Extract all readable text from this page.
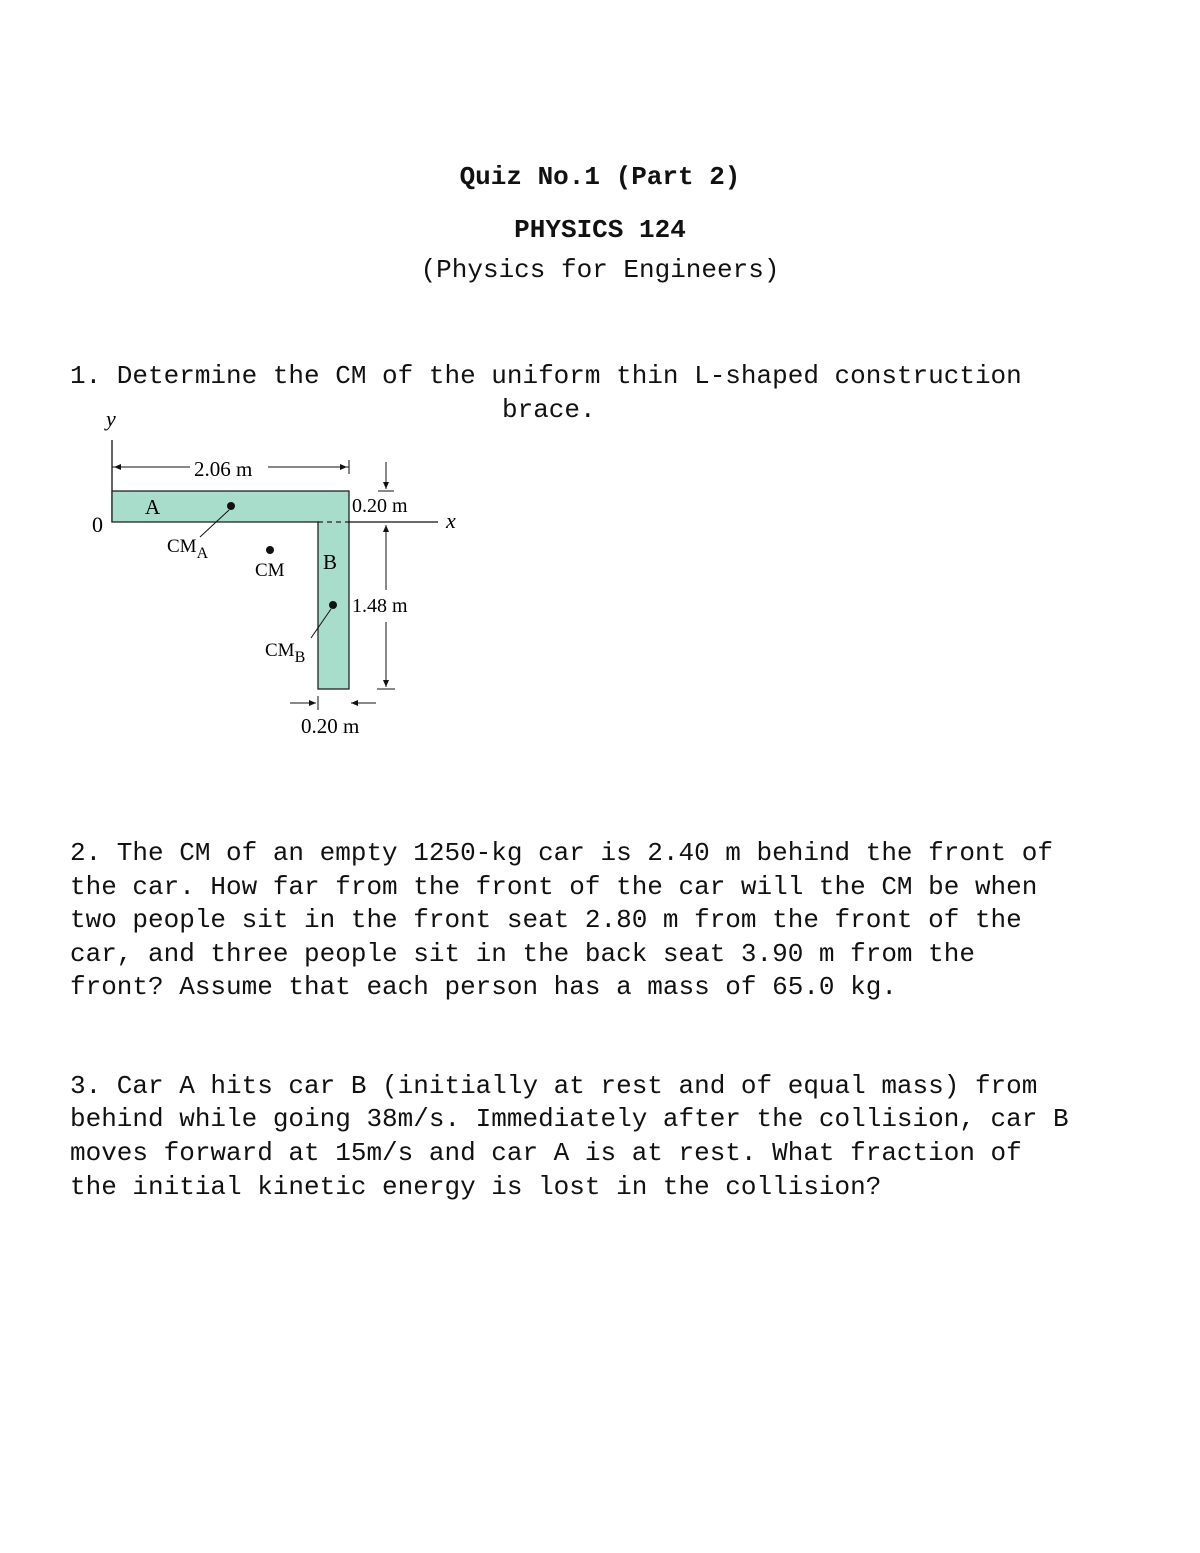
Quiz No.1 (Part 2)
PHYSICS 124
(Physics for Engineers)
1. Determine the CM of the uniform thin L-shaped construction
brace.
y
0	x
A
B
$CM_A$
CM
$CM_B$
2.06 m
0.20 m
1.48 m
0.20 m
2. The CM of an empty 1250-kg car is 2.40 m behind the front of
the car. How far from the front of the car will the CM be when
two people sit in the front seat 2.80 m from the front of the
car, and three people sit in the back seat 3.90 m from the
front? Assume that each person has a mass of 65.0 kg.
3. Car A hits car B (initially at rest and of equal mass) from
behind while going 38m/s. Immediately after the collision, car B
moves forward at 15m/s and car A is at rest. What fraction of
the initial kinetic energy is lost in the collision?
